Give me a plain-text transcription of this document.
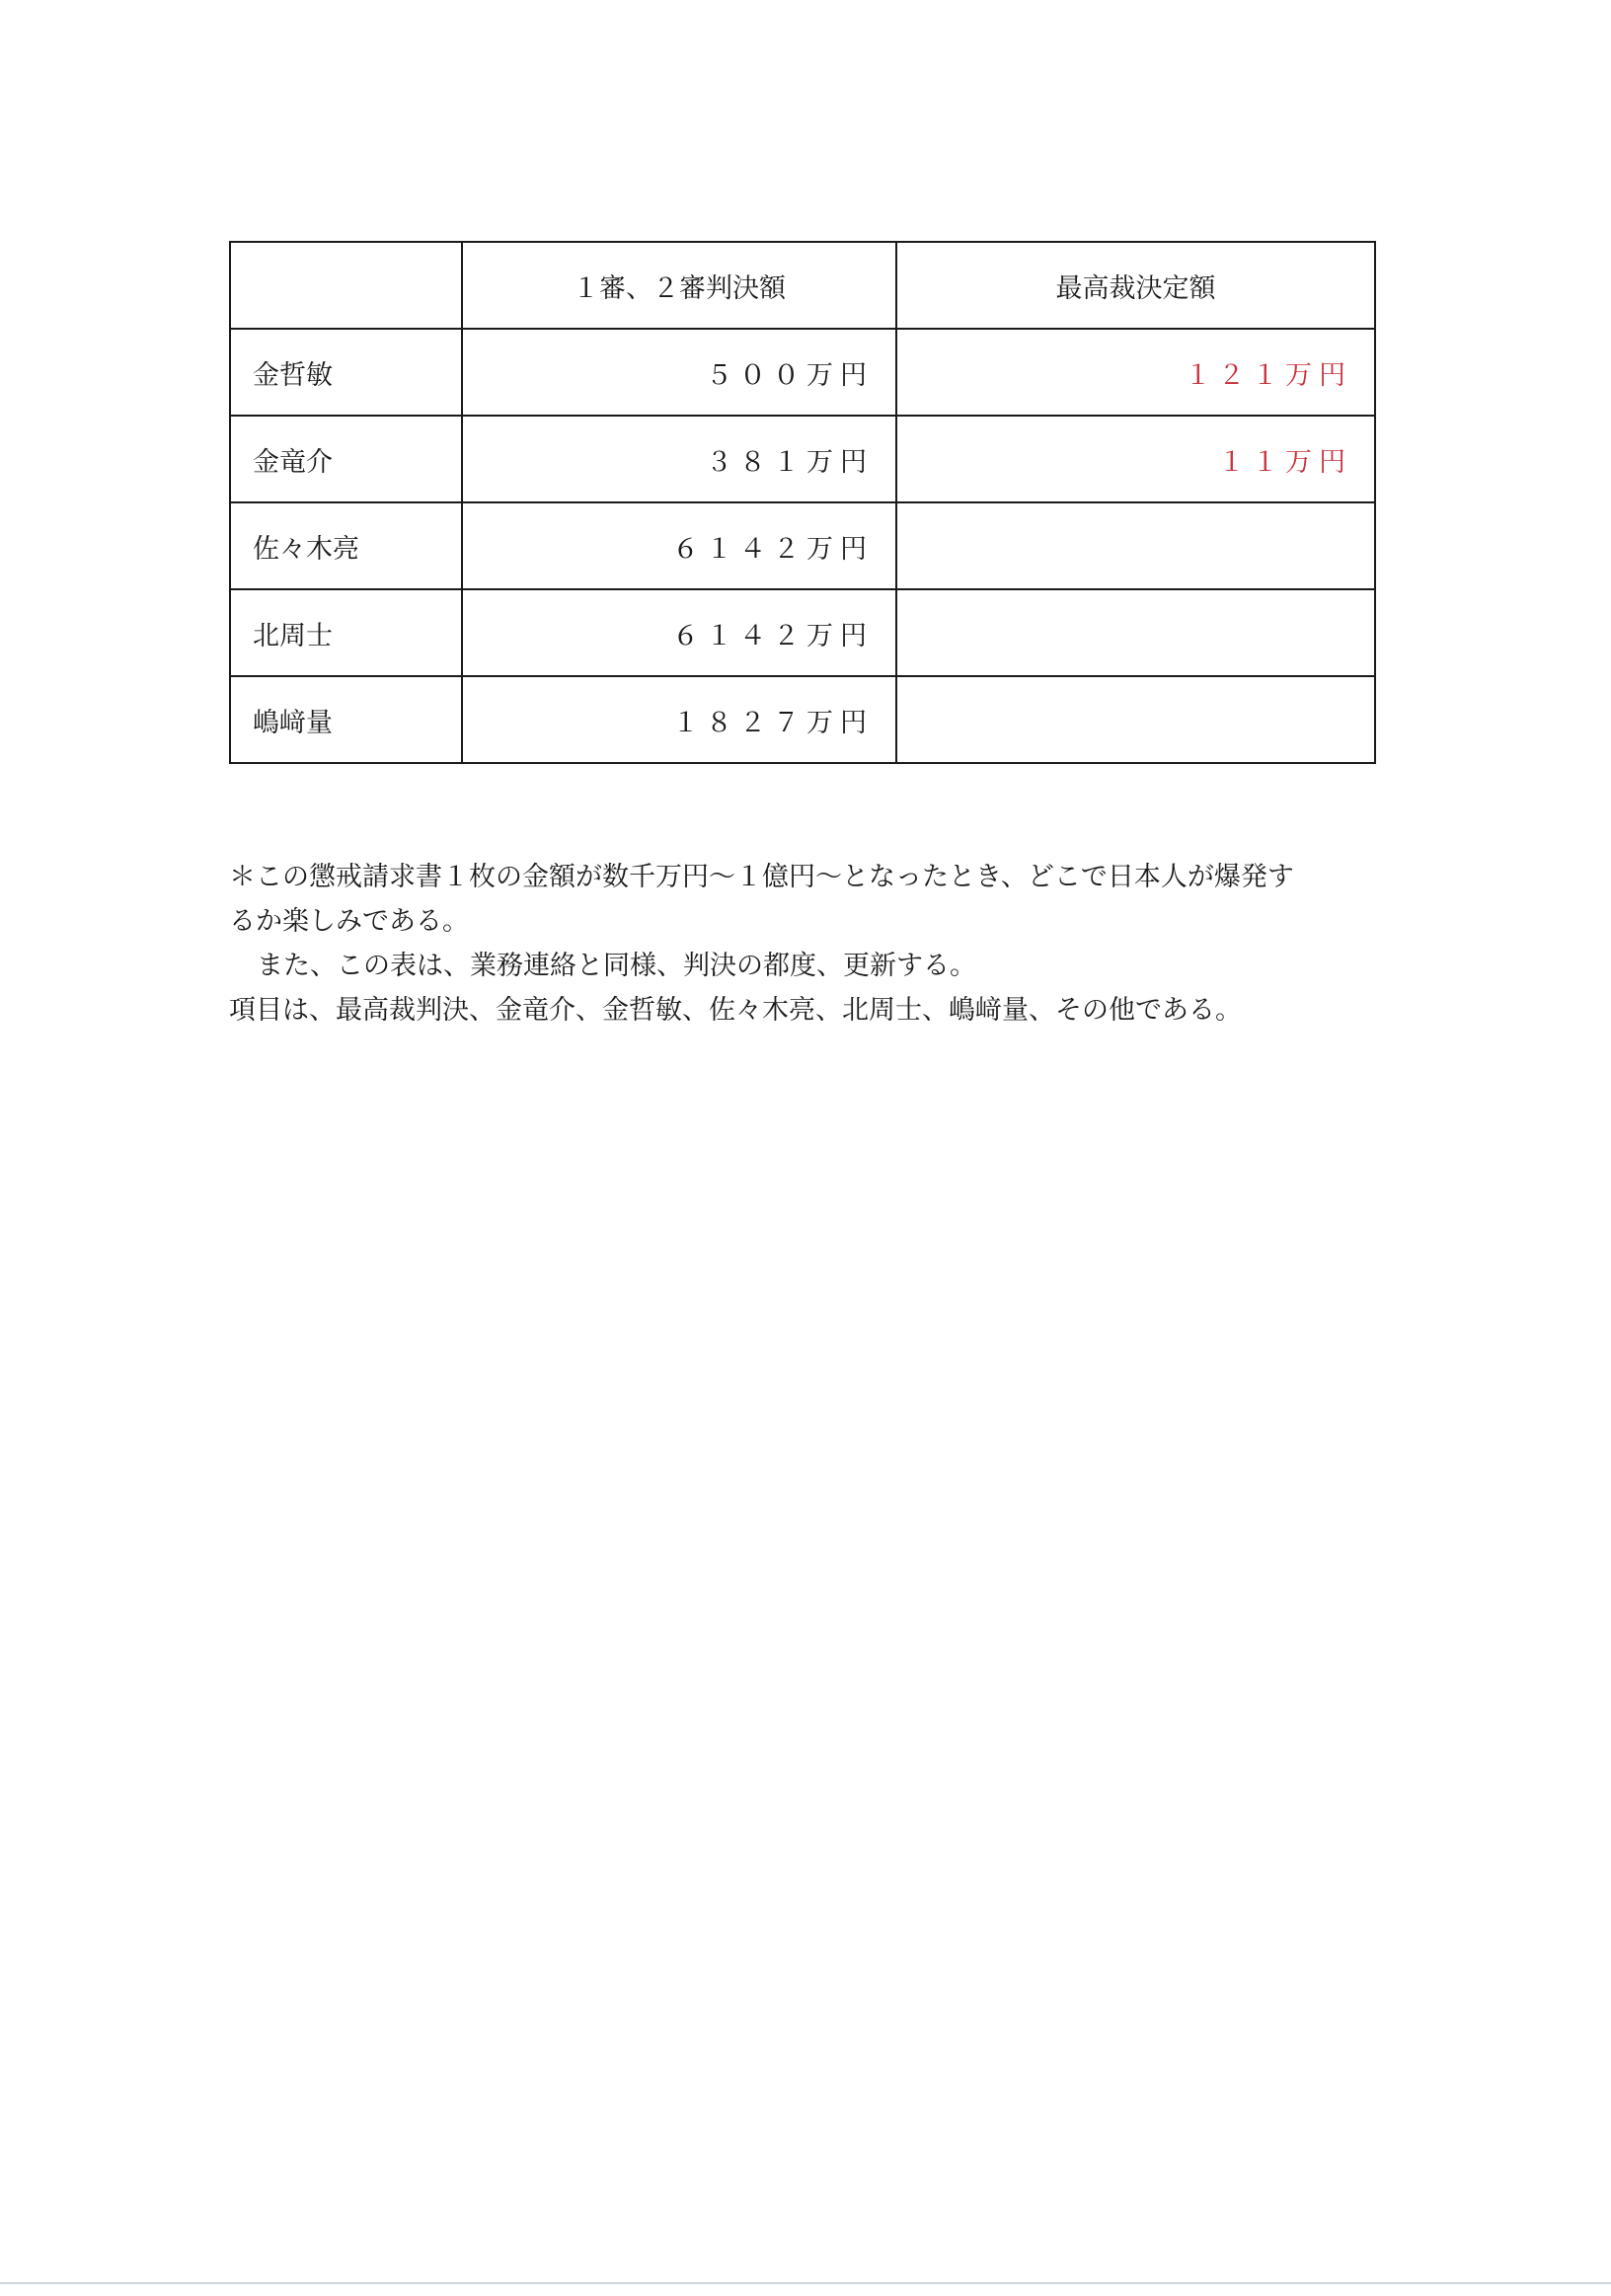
	１審、２審判決額	最高裁決定額
金哲敏	５００万円	１２１万円
金竜介	３８１万円	１１万円
佐々木亮	６１４２万円	
北周士	６１４２万円	
嶋﨑量	１８２７万円	

＊この懲戒請求書１枚の金額が数千万円～１億円～となったとき、どこで日本人が爆発す

るか楽しみである。

また、この表は、業務連絡と同様、判決の都度、更新する。

項目は、最高裁判決、金竜介、金哲敏、佐々木亮、北周士、嶋﨑量、その他である。
